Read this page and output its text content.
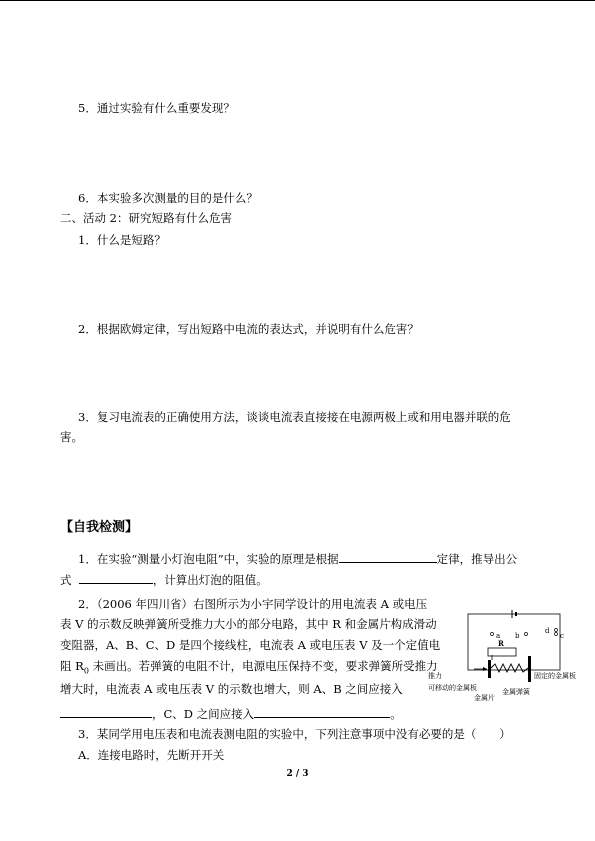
5．通过实验有什么重要发现？
6．本实验多次测量的目的是什么？
二、活动 2：研究短路有什么危害
1．什么是短路？
2．根据欧姆定律，写出短路中电流的表达式，并说明有什么危害？
3．复习电流表的正确使用方法，谈谈电流表直接接在电源两极上或和用电器并联的危
害。
【自我检测】
1．在实验“测量小灯泡电阻”中，实验的原理是根据	定律，推导出公
式	，计算出灯泡的阻值。
2．（2006 年四川省）右图所示为小宇同学设计的用电流表 A 或电压
表 V 的示数反映弹簧所受推力大小的部分电路，其中 R 和金属片构成滑动
变阻器，A、B、C、D 是四个接线柱，电流表 A 或电压表 V 及一个定值电
阻 $R_0$ 未画出。若弹簧的电阻不计，电源电压保持不变，要求弹簧所受推力
增大时，电流表 A 或电压表 V 的示数也增大，则 A、B 之间应接入
，C、D 之间应接入	。
3．某同学用电压表和电流表测电阻的实验中，下列注意事项中没有必要的是（　　）
A．连接电路时，先断开开关
d
a b	c
R
推力	固定的金属板
可移动的金属板
金属片
金属弹簧
2 / 3
